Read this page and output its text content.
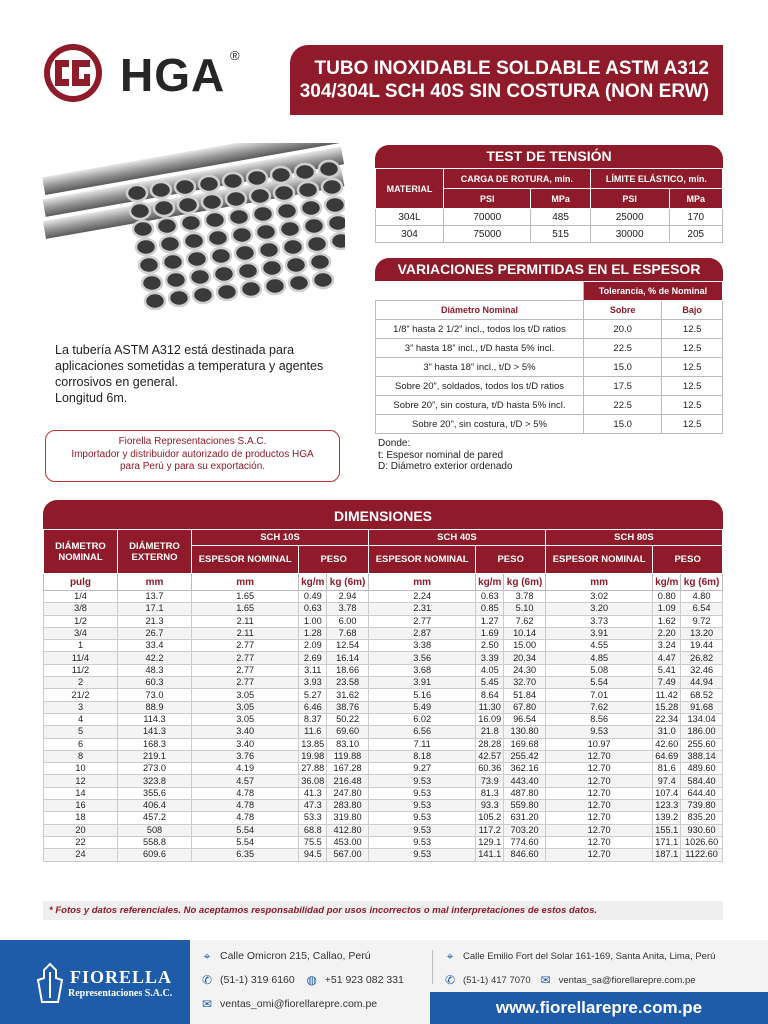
HGA ®
TUBO INOXIDABLE SOLDABLE ASTM A312
304/304L SCH 40S SIN COSTURA (NON ERW)
La tubería ASTM A312 está destinada para aplicaciones sometidas a temperatura y agentes corrosivos en general.
Longitud 6m.
Fiorella Representaciones S.A.C.
Importador y distribuidor autorizado de productos HGA
para Perú y para su exportación.
TEST DE TENSIÓN
MATERIAL	CARGA DE ROTURA, mín.		LÍMITE ELÁSTICO, mín.	
	PSI	MPa	PSI	MPa
304L	70000	485	25000	170
304	75000	515	30000	205
VARIACIONES PERMITIDAS EN EL ESPESOR
	Tolerancia, % de Nominal	
Diámetro Nominal	Sobre	Bajo
1/8” hasta 2 1/2” incl., todos los t/D ratios	20.0	12.5
3” hasta 18” incl., t/D hasta 5% incl.	22.5	12.5
3” hasta 18” incl., t/D > 5%	15.0	12.5
Sobre 20”, soldados, todos los t/D ratios	17.5	12.5
Sobre 20”, sin costura, t/D hasta 5% incl.	22.5	12.5
Sobre 20”, sin costura, t/D > 5%	15.0	12.5
Donde:
t: Espesor nominal de pared
D: Diámetro exterior ordenado
DIMENSIONES
DIÁMETRO NOMINAL	DIÁMETRO EXTERNO	SCH 10S			SCH 40S			SCH 80S		
		ESPESOR NOMINAL	PESO		ESPESOR NOMINAL	PESO		ESPESOR NOMINAL	PESO	
pulg	mm	mm	kg/m	kg (6m)	mm	kg/m	kg (6m)	mm	kg/m	kg (6m)
1/4	13.7	1.65	0.49	2.94	2.24	0.63	3.78	3.02	0.80	4.80
3/8	17.1	1.65	0.63	3.78	2.31	0.85	5.10	3.20	1.09	6.54
1/2	21.3	2.11	1.00	6.00	2.77	1.27	7.62	3.73	1.62	9.72
3/4	26.7	2.11	1.28	7.68	2.87	1.69	10.14	3.91	2.20	13.20
1	33.4	2.77	2.09	12.54	3.38	2.50	15.00	4.55	3.24	19.44
11/4	42.2	2.77	2.69	16.14	3.56	3.39	20.34	4.85	4.47	26.82
11/2	48.3	2.77	3.11	18.66	3.68	4.05	24.30	5.08	5.41	32.46
2	60.3	2.77	3.93	23.58	3.91	5.45	32.70	5.54	7.49	44.94
21/2	73.0	3.05	5.27	31.62	5.16	8.64	51.84	7.01	11.42	68.52
3	88.9	3.05	6.46	38.76	5.49	11.30	67.80	7.62	15.28	91.68
4	114.3	3.05	8.37	50.22	6.02	16.09	96.54	8.56	22.34	134.04
5	141.3	3.40	11.6	69.60	6.56	21.8	130.80	9.53	31.0	186.00
6	168.3	3.40	13.85	83.10	7.11	28.28	169.68	10.97	42.60	255.60
8	219.1	3.76	19.98	119.88	8.18	42.57	255.42	12.70	64.69	388.14
10	273.0	4.19	27.88	167.28	9.27	60.36	362.16	12.70	81.6	489.60
12	323.8	4.57	36.08	216.48	9.53	73.9	443.40	12.70	97.4	584.40
14	355.6	4.78	41.3	247.80	9.53	81.3	487.80	12.70	107.4	644.40
16	406.4	4.78	47.3	283.80	9.53	93.3	559.80	12.70	123.3	739.80
18	457.2	4.78	53.3	319.80	9.53	105.2	631.20	12.70	139.2	835.20
20	508	5.54	68.8	412.80	9.53	117.2	703.20	12.70	155.1	930.60
22	558.8	5.54	75.5	453.00	9.53	129.1	774.60	12.70	171.1	1026.60
24	609.6	6.35	94.5	567.00	9.53	141.1	846.60	12.70	187.1	1122.60
* Fotos y datos referenciales. No aceptamos responsabilidad por usos incorrectos o mal interpretaciones de estos datos.
FIORELLA
Representaciones S.A.C.
⌖ Calle Omicron 215, Callao, Perú
✆ (51-1) 319 6160 ◍ +51 923 082 331
✉ ventas_omi@fiorellarepre.com.pe
⌖	Calle Emilio Fort del Solar 161-169, Santa Anita, Lima, Perú
✆ (51-1) 417 7070 ✉ ventas_sa@fiorellarepre.com.pe
www.fiorellarepre.com.pe
